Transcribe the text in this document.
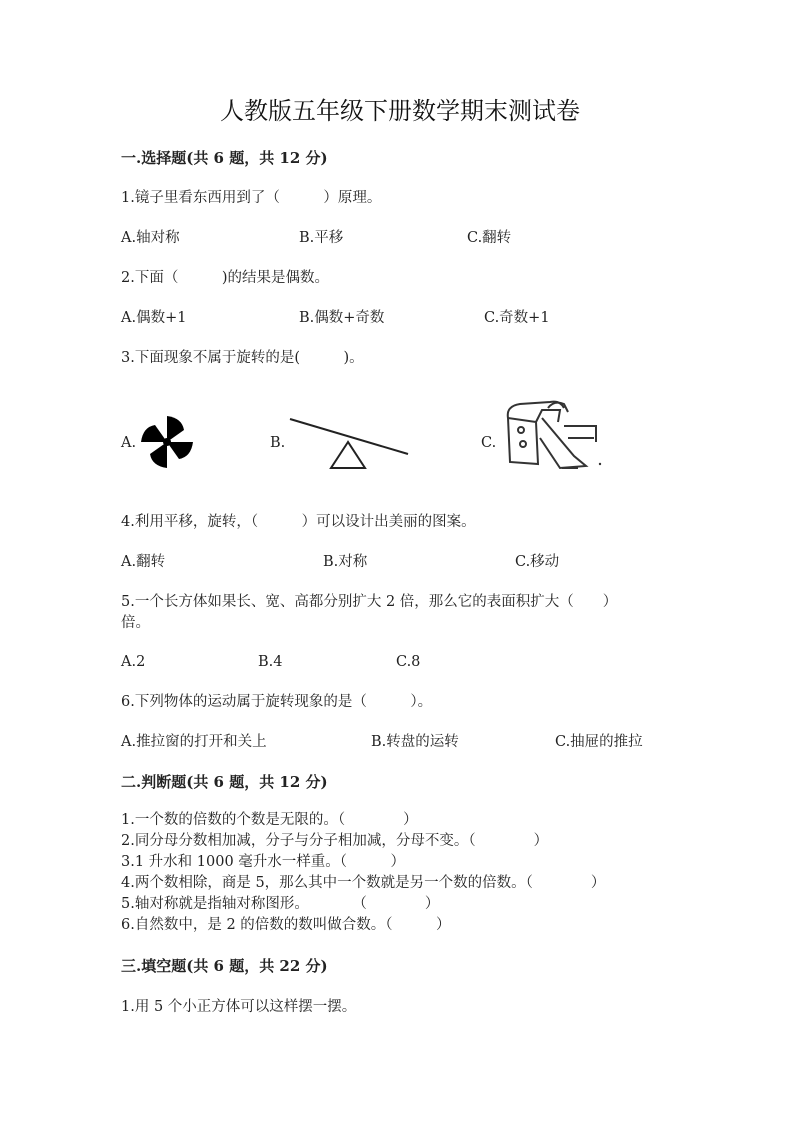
人教版五年级下册数学期末测试卷
一.选择题(共 6 题，共 12 分)
1.镜子里看东西用到了（　　　）原理。
A.轴对称	B.平移	C.翻转
2.下面（　　　)的结果是偶数。
A.偶数+1	B.偶数+奇数	C.奇数+1
3.下面现象不属于旋转的是(　　　)。
A.	B.	C.
4.利用平移，旋转，（　　　）可以设计出美丽的图案。
A.翻转	B.对称	C.移动
5.一个长方体如果长、宽、高都分别扩大 2 倍，那么它的表面积扩大（　　）
倍。
A.2	B.4	C.8
6.下列物体的运动属于旋转现象的是（　　　）。
A.推拉窗的打开和关上	B.转盘的运转	C.抽屉的推拉
二.判断题(共 6 题，共 12 分)
1.一个数的倍数的个数是无限的。（　　　　）
2.同分母分数相加减，分子与分子相加减，分母不变。（　　　　）
3.1 升水和 1000 毫升水一样重。（　　　）
4.两个数相除，商是 5，那么其中一个数就是另一个数的倍数。（　　　　）
5.轴对称就是指轴对称图形。　　　　（　　　　）
6.自然数中，是 2 的倍数的数叫做合数。（　　　）
三.填空题(共 6 题，共 22 分)
1.用 5 个小正方体可以这样摆一摆。
